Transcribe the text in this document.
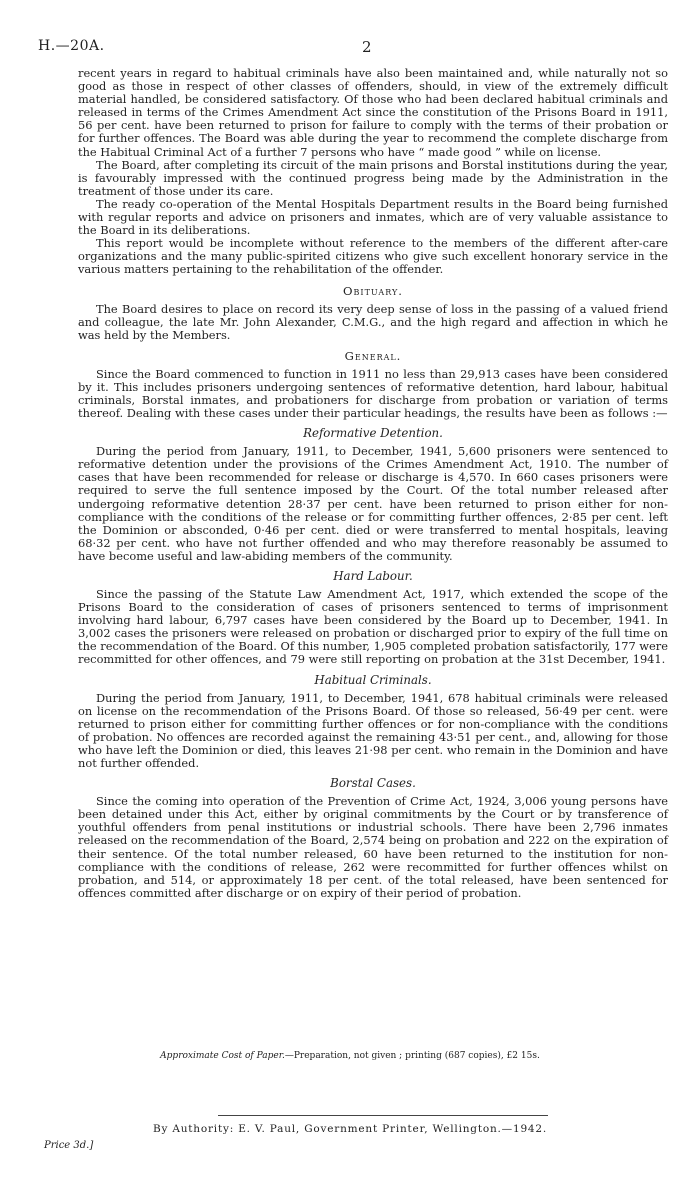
H.—20A.	2

recent years in regard to habitual criminals have also been maintained and, while naturally not so good as those in respect of other classes of offenders, should, in view of the extremely difficult material handled, be considered satisfactory. Of those who had been declared habitual criminals and released in terms of the Crimes Amendment Act since the constitution of the Prisons Board in 1911, 56 per cent. have been returned to prison for failure to comply with the terms of their probation or for further offences. The Board was able during the year to recommend the complete discharge from the Habitual Criminal Act of a further 7 persons who have “ made good ” while on license.

The Board, after completing its circuit of the main prisons and Borstal institutions during the year, is favourably impressed with the continued progress being made by the Administration in the treatment of those under its care.

The ready co-operation of the Mental Hospitals Department results in the Board being furnished with regular reports and advice on prisoners and inmates, which are of very valuable assistance to the Board in its deliberations.

This report would be incomplete without reference to the members of the different after-care organizations and the many public-spirited citizens who give such excellent honorary service in the various matters pertaining to the rehabilitation of the offender.

Obituary.

The Board desires to place on record its very deep sense of loss in the passing of a valued friend and colleague, the late Mr. John Alexander, C.M.G., and the high regard and affection in which he was held by the Members.

General.

Since the Board commenced to function in 1911 no less than 29,913 cases have been considered by it. This includes prisoners undergoing sentences of reformative detention, hard labour, habitual criminals, Borstal inmates, and probationers for discharge from probation or variation of terms thereof. Dealing with these cases under their particular headings, the results have been as follows :—

Reformative Detention.

During the period from January, 1911, to December, 1941, 5,600 prisoners were sentenced to reformative detention under the provisions of the Crimes Amendment Act, 1910. The number of cases that have been recommended for release or discharge is 4,570. In 660 cases prisoners were required to serve the full sentence imposed by the Court. Of the total number released after undergoing reformative detention 28·37 per cent. have been returned to prison either for non-compliance with the conditions of the release or for committing further offences, 2·85 per cent. left the Dominion or absconded, 0·46 per cent. died or were transferred to mental hospitals, leaving 68·32 per cent. who have not further offended and who may therefore reasonably be assumed to have become useful and law-abiding members of the community.

Hard Labour.

Since the passing of the Statute Law Amendment Act, 1917, which extended the scope of the Prisons Board to the consideration of cases of prisoners sentenced to terms of imprisonment involving hard labour, 6,797 cases have been considered by the Board up to December, 1941. In 3,002 cases the prisoners were released on probation or discharged prior to expiry of the full time on the recommendation of the Board. Of this number, 1,905 completed probation satisfactorily, 177 were recommitted for other offences, and 79 were still reporting on probation at the 31st December, 1941.

Habitual Criminals.

During the period from January, 1911, to December, 1941, 678 habitual criminals were released on license on the recommendation of the Prisons Board. Of those so released, 56·49 per cent. were returned to prison either for committing further offences or for non-compliance with the conditions of probation. No offences are recorded against the remaining 43·51 per cent., and, allowing for those who have left the Dominion or died, this leaves 21·98 per cent. who remain in the Dominion and have not further offended.

Borstal Cases.

Since the coming into operation of the Prevention of Crime Act, 1924, 3,006 young persons have been detained under this Act, either by original commitments by the Court or by transference of youthful offenders from penal institutions or industrial schools. There have been 2,796 inmates released on the recommendation of the Board, 2,574 being on probation and 222 on the expiration of their sentence. Of the total number released, 60 have been returned to the institution for non-compliance with the conditions of release, 262 were recommitted for further offences whilst on probation, and 514, or approximately 18 per cent. of the total released, have been sentenced for offences committed after discharge or on expiry of their period of probation.

Approximate Cost of Paper.—Preparation, not given ; printing (687 copies), £2 15s.
By Authority: E. V. Paul, Government Printer, Wellington.—1942.
Price 3d.]
